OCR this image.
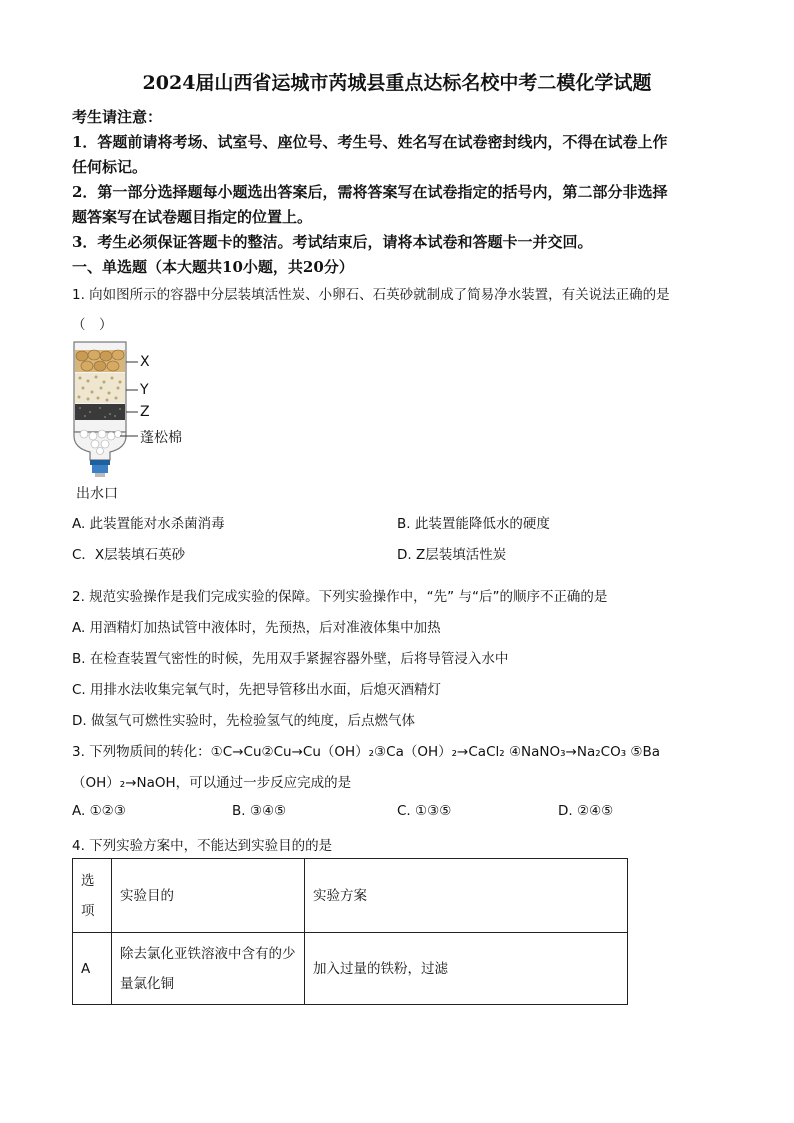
2024届山西省运城市芮城县重点达标名校中考二模化学试题
考生请注意：
1．答题前请将考场、试室号、座位号、考生号、姓名写在试卷密封线内，不得在试卷上作
任何标记。
2．第一部分选择题每小题选出答案后，需将答案写在试卷指定的括号内，第二部分非选择
题答案写在试卷题目指定的位置上。
3．考生必须保证答题卡的整洁。考试结束后，请将本试卷和答题卡一并交回。
一、单选题（本大题共10小题，共20分）
1. 向如图所示的容器中分层装填活性炭、小卵石、石英砂就制成了简易净水装置，有关说法正确的是
（　）
X
Y
Z
蓬松棉
出水口
A. 此装置能对水杀菌消毒	B. 此装置能降低水的硬度
C．X层装填石英砂	D. Z层装填活性炭
2. 规范实验操作是我们完成实验的保障。下列实验操作中，“先” 与“后”的顺序不正确的是
A. 用酒精灯加热试管中液体时，先预热，后对准液体集中加热
B. 在检查装置气密性的时候，先用双手紧握容器外壁，后将导管浸入水中
C. 用排水法收集完氧气时，先把导管移出水面，后熄灭酒精灯
D. 做氢气可燃性实验时，先检验氢气的纯度，后点燃气体
3. 下列物质间的转化：①C→Cu②Cu→Cu（OH）₂③Ca（OH）₂→CaCl₂ ④NaNO₃→Na₂CO₃ ⑤Ba
（OH）₂→NaOH，可以通过一步反应完成的是
A. ①②③	B. ③④⑤	C. ①③⑤	D. ②④⑤
4. 下列实验方案中，不能达到实验目的的是
选项	实验目的	实验方案
A	除去氯化亚铁溶液中含有的少量氯化铜	加入过量的铁粉，过滤
